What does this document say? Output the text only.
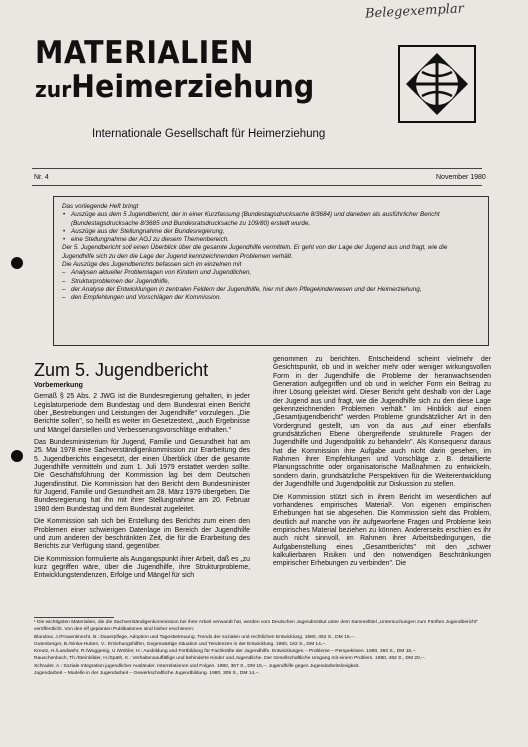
Belegexemplar
MATERIALIEN
zurHeimerziehung
Internationale Gesellschaft für Heimerziehung
Nr. 4	November 1980

Das vorliegende Heft bringt

• Auszüge aus dem 5 Jugendbericht, der in einer Kurzfassung (Bundestagsdrucksache 8/3684) und daneben als ausführlicher Bericht (Bundestagsdrucksache 8/3685 und Bundesratsdrucksache zu 109/80) erstellt wurde,
• Auszüge aus der Stellungnahme der Bundesregierung,
• eine Stellungnahme der AGJ zu diesem Themenbereich.

Der 5. Jugendbericht soll einen Überblick über die gesamte Jugendhilfe vermitteln. Er geht von der Lage der Jugend aus und fragt, wie die Jugendhilfe sich zu den die Lage der Jugend kennzeichnenden Problemen verhält.

Die Auszüge des Jugendberichts befassen sich im einzelnen mit

– Analysen aktueller Problemlagen von Kindern und Jugendlichen,
– Strukturproblemen der Jugendhilfe,
– der Analyse der Entwicklungen in zentralen Feldern der Jugendhilfe, hier mit dem Pflegekinderwesen und der Heimerziehung,
– den Empfehlungen und Vorschlägen der Kommission.
Zum 5. Jugendbericht

Vorbemerkung

Gemäß § 25 Abs. 2 JWG ist die Bundesregierung gehalten, in jeder Legislaturperiode dem Bundestag und dem Bundesrat einen Bericht über „Bestrebungen und Leistungen der Jugendhilfe" vorzulegen. „Die Berichte sollen", so heißt es weiter im Gesetzestext, „auch Ergebnisse und Mängel darstellen und Verbesserungsvorschläge enthalten."

Das Bundesministerium für Jugend, Familie und Gesundheit hat am 25. Mai 1978 eine Sachverständigenkommission zur Erarbeitung des 5. Jugendberichts eingesetzt, der einen Überblick über die gesamte Jugendhilfe vermitteln und zum 1. Juli 1979 erstattet werden sollte. Die Geschäftsführung der Kommission lag bei dem Deutschen Jugendinstitut. Die Kommission hat den Bericht dem Bundesminister für Jugend, Familie und Gesundheit am 28. März 1979 übergeben. Die Bundesregierung hat ihn mit ihrer Stellungnahme am 20. Februar 1980 dem Bundestag und dem Bundesrat zugeleitet.

Die Kommission sah sich bei Erstellung des Berichts zum einen den Problemen einer schwierigen Datenlage im Bereich der Jugendhilfe und zum anderen der beschränkten Zeit, die für die Erarbeitung des Berichts zur Verfügung stand, gegenüber.

Die Kommission formulierte als Ausgangspunkt ihrer Arbeit, daß es „zu kurz gegriffen wäre, über die Jugendhilfe, ihre Strukturprobleme, Entwicklungstendenzen, Erfolge und Mängel für sich

genommen zu berichten. Entscheidend scheint vielmehr der Gesichtspunkt, ob und in welcher mehr oder weniger wirkungsvollen Form in der Jugendhilfe die Probleme der heranwachsenden Generation aufgegriffen und ob und in welcher Form ein Beitrag zu ihrer Lösung geleistet wird. Dieser Bericht geht deshalb von der Lage der Jugend aus und fragt, wie die Jugendhilfe sich zu den diese Lage gekennzeichnenden Problemen verhält." Im Hinblick auf einen „Gesamtjugendbericht" werden Probleme grundsätzlicher Art in den Vordergrund gestellt, um von da aus „auf einer ebenfalls grundsätzlichen Ebene übergreifende strukturelle Fragen der Jugendhilfe und Jugendpolitik zu behandeln". Als Konsequenz daraus hat die Kommission ihre Aufgabe auch nicht darin gesehen, im Rahmen ihrer Empfehlungen und Vorschläge z. B. detaillierte Planungsschritte oder organisatorische Maßnahmen zu entwickeln, sondern darin, grundsätzliche Perspektiven für die Weiterentwicklung der Jugendhilfe und Jugendpolitik zur Diskussion zu stellen.

Die Kommission stützt sich in ihrem Bericht im wesentlichen auf vorhandenes empirisches Material¹. Von eigenen empirischen Erhebungen hat sie abgesehen. Die Kommission sieht das Problem, deutlich auf manche von ihr aufgeworfene Fragen und Probleme kein empirisches Material beziehen zu können. Andererseits erschien es ihr auch nicht sinnvoll, im Rahmen ihrer Arbeitsbedingungen, die Aufgabenstellung eines „Gesamtberichts" mit den „schwer kalkulierbaren Risiken und den notwendigen Beschränkungen empirischer Erhebungen zu verbinden". Die

¹ Die wichtigsten Materialien, die die Sachverständigenkommission bei ihrer Arbeit verwandt hat, werden vom Deutschen Jugendinstitut unter dem Sammeltitel „Untersuchungen zum Fünften Jugendbericht" veröffentlicht. Von den elf geplanten Publikationen sind bisher erschienen:

Blandow, J./Frauenknecht, B.: Dauerpflege, Adoption und Tagesbetreuung. Trends der sozialen und rechtlichen Entwicklung. 1980, 352 S., DM 15,–.

Gutenberger, B./Sinka-Hutten, V.: Erziehungshilfen, Gegenwärtige Situation und Tendenzen in der Entwicklung. 1980, 162 S., DM 14,–.

Kreutz, H./Landwehr, R./Wuggenig, U./Wohler, H.: Ausbildung und Fortbildung für Fachkräfte der Jugendhilfe. Entwicklungen – Probleme – Perspektiven. 1980, 350 S., DM 15,–.

Rauschenbach, Th./Steinbilder, H./Späth, K.: Verhaltensauffällige und behinderte Kinder und Jugendliche. Der Gesellschaftliche Umgang mit einem Problem. 1980, 482 S., DM 20,–.

Schrader, A.: Soziale Integration jugendlicher Ausländer. Interrelationen und Folgen. 1980, 367 S., DM 15,–. Jugendhilfe gegen Jugendarbeitslosigkeit.

Jugendarbeit – Modelle in der Jugendarbeit – Gewerkschaftliche Jugendbildung. 1980, 309 S., DM 14,–.
